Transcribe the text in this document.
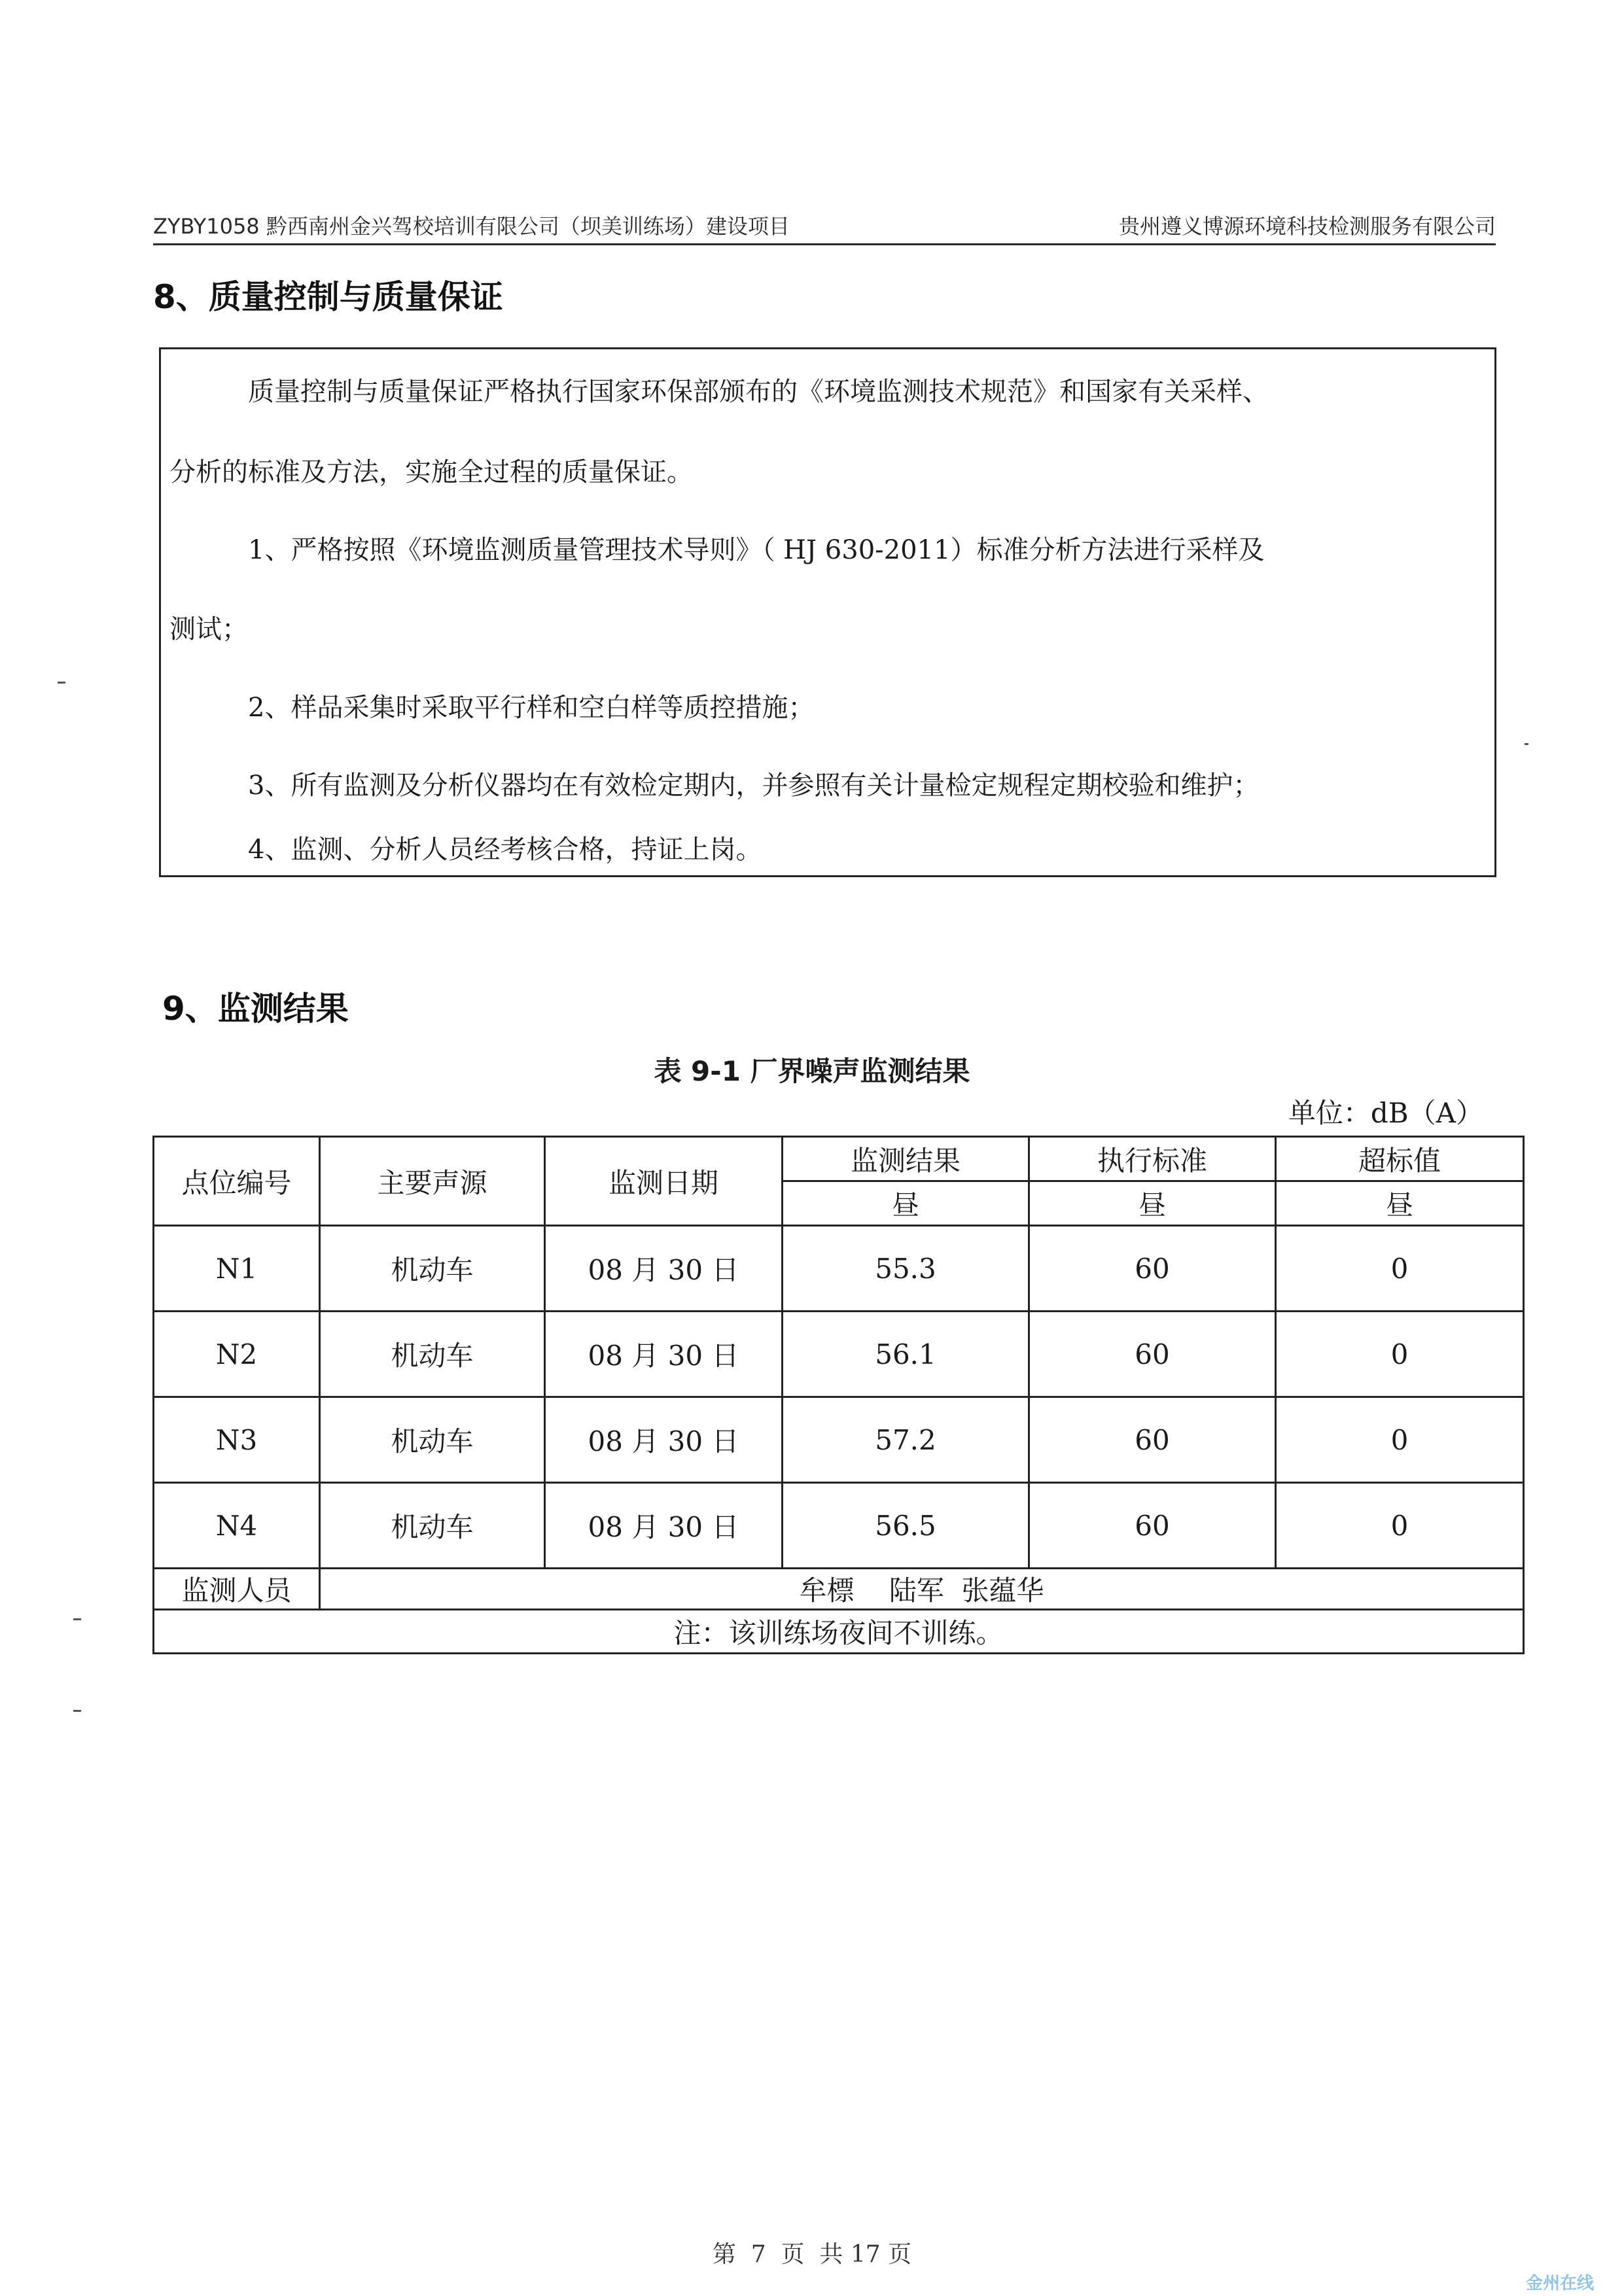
ZYBY1058 黔西南州金兴驾校培训有限公司（坝美训练场）建设项目	贵州遵义博源环境科技检测服务有限公司
8、质量控制与质量保证
质量控制与质量保证严格执行国家环保部颁布的《环境监测技术规范》和国家有关采样、
分析的标准及方法，实施全过程的质量保证。
1、严格按照《环境监测质量管理技术导则》（ HJ 630-2011）标准分析方法进行采样及
测试；
2、样品采集时采取平行样和空白样等质控措施；
3、所有监测及分析仪器均在有效检定期内，并参照有关计量检定规程定期校验和维护；
4、监测、分析人员经考核合格，持证上岗。
9、监测结果
表 9-1 厂界噪声监测结果
单位：dB（A）
点位编号	主要声源	监测日期	监测结果	执行标准	超标值
			昼	昼	昼
N1	机动车	08 月 30 日	55.3	60	0
N2	机动车	08 月 30 日	56.1	60	0
N3	机动车	08 月 30 日	57.2	60	0
N4	机动车	08 月 30 日	56.5	60	0
监测人员	牟標    陆军  张蕴华				
注：该训练场夜间不训练。					
第  7  页  共 17 页
金州在线
